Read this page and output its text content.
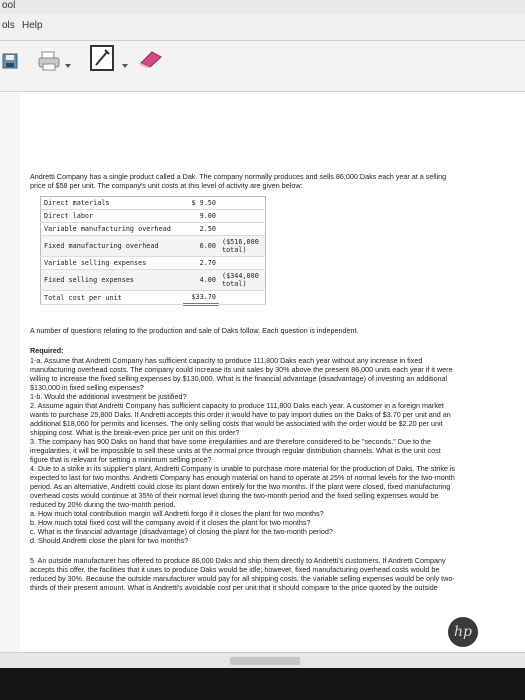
ool
ols Help
Andretti Company has a single product called a Dak. The company normally produces and sells 86,000 Daks each year at a selling
price of $58 per unit. The company's unit costs at this level of activity are given below:
Direct materials	$ 9.50	
Direct labor	9.00	
Variable manufacturing overhead	2.50	
Fixed manufacturing overhead	6.00	($516,000 total)
Variable selling expenses	2.70	
Fixed selling expenses	4.00	($344,000 total)
Total cost per unit	$33.70	
A number of questions relating to the production and sale of Daks follow. Each question is independent.
Required:
1-a. Assume that Andretti Company has sufficient capacity to produce 111,800 Daks each year without any increase in fixed
manufacturing overhead costs. The company could increase its unit sales by 30% above the present 86,000 units each year if it were
willing to increase the fixed selling expenses by $130,000. What is the financial advantage (disadvantage) of investing an additional
$130,000 in fixed selling expenses?
1-b. Would the additional investment be justified?
2. Assume again that Andretti Company has sufficient capacity to produce 111,800 Daks each year. A customer in a foreign market
wants to purchase 25,800 Daks. If Andretti accepts this order it would have to pay import duties on the Daks of $3.70 per unit and an
additional $18,060 for permits and licenses. The only selling costs that would be associated with the order would be $2.20 per unit
shipping cost. What is the break-even price per unit on this order?
3. The company has 900 Daks on hand that have some irregularities and are therefore considered to be "seconds." Due to the
irregularities, it will be impossible to sell these units at the normal price through regular distribution channels. What is the unit cost
figure that is relevant for setting a minimum selling price?
4. Due to a strike in its supplier's plant, Andretti Company is unable to purchase more material for the production of Daks. The strike is
expected to last for two months. Andretti Company has enough material on hand to operate at 25% of normal levels for the two-month
period. As an alternative, Andretti could close its plant down entirely for the two months. If the plant were closed, fixed manufacturing
overhead costs would continue at 35% of their normal level during the two-month period and the fixed selling expenses would be
reduced by 20% during the two-month period.
a. How much total contribution margin will Andretti forgo if it closes the plant for two months?
b. How much total fixed cost will the company avoid if it closes the plant for two months?
c. What is the financial advantage (disadvantage) of closing the plant for the two-month period?
d. Should Andretti close the plant for two months?
5. An outside manufacturer has offered to produce 86,000 Daks and ship them directly to Andretti's customers. If Andretti Company
accepts this offer, the facilities that it uses to produce Daks would be idle; however, fixed manufacturing overhead costs would be
reduced by 30%. Because the outside manufacturer would pay for all shipping costs, the variable selling expenses would be only two-
thirds of their present amount. What is Andretti's avoidable cost per unit that it should compare to the price quoted by the outside
hp
